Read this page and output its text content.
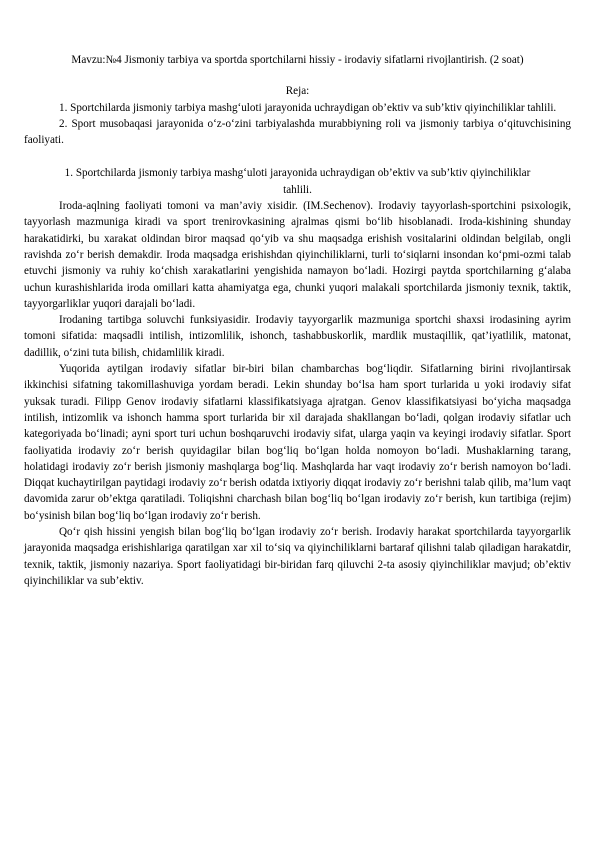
Mavzu:№4 Jismoniy tarbiya va sportda sportchilarni hissiy - irodaviy sifatlarni rivojlantirish. (2 soat)

Reja:

1. Sportchilarda jismoniy tarbiya mashg‘uloti jarayonida uchraydigan ob’ektiv va sub’ktiv qiyinchiliklar tahlili.

2. Sport musobaqasi jarayonida o‘z-o‘zini tarbiyalashda murabbiyning roli va jismoniy tarbiya o‘qituvchisining faoliyati.

1. Sportchilarda jismoniy tarbiya mashg‘uloti jarayonida uchraydigan ob’ektiv va sub’ktiv qiyinchiliklar tahlili.

Iroda-aqlning faoliyati tomoni va man’aviy xisidir. (IM.Sechenov). Irodaviy tayyorlash-sportchini psixologik, tayyorlash mazmuniga kiradi va sport trenirovkasining ajralmas qismi bo‘lib hisoblanadi. Iroda-kishining shunday harakatidirki, bu xarakat oldindan biror maqsad qo‘yib va shu maqsadga erishish vositalarini oldindan belgilab, ongli ravishda zo‘r berish demakdir. Iroda maqsadga erishishdan qiyinchiliklarni, turli to‘siqlarni insondan ko‘pmi-ozmi talab etuvchi jismoniy va ruhiy ko‘chish xarakatlarini yengishida namayon bo‘ladi. Hozirgi paytda sportchilarning g‘alaba uchun kurashishlarida iroda omillari katta ahamiyatga ega, chunki yuqori malakali sportchilarda jismoniy texnik, taktik, tayyorgarliklar yuqori darajali bo‘ladi.

Irodaning tartibga soluvchi funksiyasidir. Irodaviy tayyorgarlik mazmuniga sportchi shaxsi irodasining ayrim tomoni sifatida: maqsadli intilish, intizomlilik, ishonch, tashabbuskorlik, mardlik mustaqillik, qat’iyatlilik, matonat, dadillik, o‘zini tuta bilish, chidamlilik kiradi.

Yuqorida aytilgan irodaviy sifatlar bir-biri bilan chambarchas bog‘liqdir. Sifatlarning birini rivojlantirsak ikkinchisi sifatning takomillashuviga yordam beradi. Lekin shunday bo‘lsa ham sport turlarida u yoki irodaviy sifat yuksak turadi. Filipp Genov irodaviy sifatlarni klassifikatsiyaga ajratgan. Genov klassifikatsiyasi bo‘yicha maqsadga intilish, intizomlik va ishonch hamma sport turlarida bir xil darajada shakllangan bo‘ladi, qolgan irodaviy sifatlar uch kategoriyada bo‘linadi; ayni sport turi uchun boshqaruvchi irodaviy sifat, ularga yaqin va keyingi irodaviy sifatlar. Sport faoliyatida irodaviy zo‘r berish quyidagilar bilan bog‘liq bo‘lgan holda nomoyon bo‘ladi. Mushaklarning tarang, holatidagi irodaviy zo‘r berish jismoniy mashqlarga bog‘liq. Mashqlarda har vaqt irodaviy zo‘r berish namoyon bo‘ladi. Diqqat kuchaytirilgan paytidagi irodaviy zo‘r berish odatda ixtiyoriy diqqat irodaviy zo‘r berishni talab qilib, ma’lum vaqt davomida zarur ob’ektga qaratiladi. Toliqishni charchash bilan bog‘liq bo‘lgan irodaviy zo‘r berish, kun tartibiga (rejim) bo‘ysinish bilan bog‘liq bo‘lgan irodaviy zo‘r berish.

Qo‘r qish hissini yengish bilan bog‘liq bo‘lgan irodaviy zo‘r berish. Irodaviy harakat sportchilarda tayyorgarlik jarayonida maqsadga erishishlariga qaratilgan xar xil to‘siq va qiyinchiliklarni bartaraf qilishni talab qiladigan harakatdir, texnik, taktik, jismoniy nazariya. Sport faoliyatidagi bir-biridan farq qiluvchi 2-ta asosiy qiyinchiliklar mavjud; ob’ektiv qiyinchiliklar va sub’ektiv.
